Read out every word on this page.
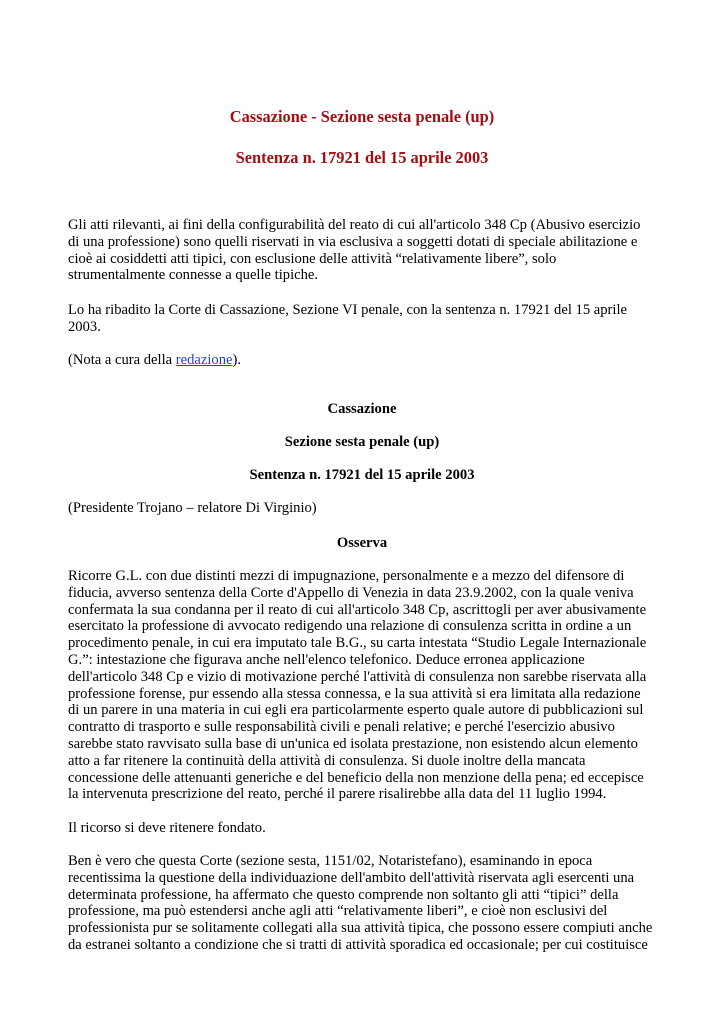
Cassazione - Sezione sesta penale (up)
Sentenza n. 17921 del 15 aprile 2003
Gli atti rilevanti, ai fini della configurabilità del reato di cui all'articolo 348 Cp (Abusivo esercizio
di una professione) sono quelli riservati in via esclusiva a soggetti dotati di speciale abilitazione e
cioè ai cosiddetti atti tipici, con esclusione delle attività “relativamente libere”, solo
strumentalmente connesse a quelle tipiche.
Lo ha ribadito la Corte di Cassazione, Sezione VI penale, con la sentenza n. 17921 del 15 aprile
2003.
(Nota a cura della redazione).
Cassazione
Sezione sesta penale (up)
Sentenza n. 17921 del 15 aprile 2003
(Presidente Trojano – relatore Di Virginio)
Osserva
Ricorre G.L. con due distinti mezzi di impugnazione, personalmente e a mezzo del difensore di
fiducia, avverso sentenza della Corte d'Appello di Venezia in data 23.9.2002, con la quale veniva
confermata la sua condanna per il reato di cui all'articolo 348 Cp, ascrittogli per aver abusivamente
esercitato la professione di avvocato redigendo una relazione di consulenza scritta in ordine a un
procedimento penale, in cui era imputato tale B.G., su carta intestata “Studio Legale Internazionale
G.”: intestazione che figurava anche nell'elenco telefonico. Deduce erronea applicazione
dell'articolo 348 Cp e vizio di motivazione perché l'attività di consulenza non sarebbe riservata alla
professione forense, pur essendo alla stessa connessa, e la sua attività si era limitata alla redazione
di un parere in una materia in cui egli era particolarmente esperto quale autore di pubblicazioni sul
contratto di trasporto e sulle responsabilità civili e penali relative; e perché l'esercizio abusivo
sarebbe stato ravvisato sulla base di un'unica ed isolata prestazione, non esistendo alcun elemento
atto a far ritenere la continuità della attività di consulenza. Si duole inoltre della mancata
concessione delle attenuanti generiche e del beneficio della non menzione della pena; ed eccepisce
la intervenuta prescrizione del reato, perché il parere risalirebbe alla data del 11 luglio 1994.
Il ricorso si deve ritenere fondato.
Ben è vero che questa Corte (sezione sesta, 1151/02, Notaristefano), esaminando in epoca
recentissima la questione della individuazione dell'ambito dell'attività riservata agli esercenti una
determinata professione, ha affermato che questo comprende non soltanto gli atti “tipici” della
professione, ma può estendersi anche agli atti “relativamente liberi”, e cioè non esclusivi del
professionista pur se solitamente collegati alla sua attività tipica, che possono essere compiuti anche
da estranei soltanto a condizione che si tratti di attività sporadica ed occasionale; per cui costituisce
